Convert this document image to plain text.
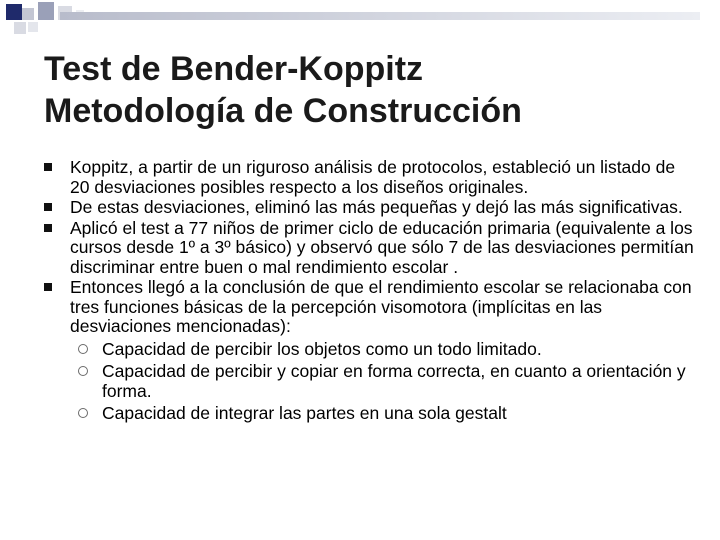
Test de Bender-Koppitz
Metodología de Construcción
Koppitz, a partir de un riguroso análisis de protocolos, estableció un listado de 20 desviaciones posibles respecto a los diseños originales.
De estas desviaciones, eliminó las más pequeñas y dejó las más significativas.
Aplicó el test a 77 niños de primer ciclo de educación primaria (equivalente a los cursos desde 1º a 3º básico) y observó que sólo 7 de las desviaciones permitían discriminar entre buen o mal rendimiento escolar .
Entonces llegó a la conclusión de que el rendimiento escolar se relacionaba con tres funciones básicas de la percepción visomotora (implícitas en las desviaciones mencionadas):
Capacidad de percibir los objetos como un todo limitado.
Capacidad de percibir y copiar en forma correcta, en cuanto a orientación y forma.
Capacidad de integrar las partes en una sola gestalt
